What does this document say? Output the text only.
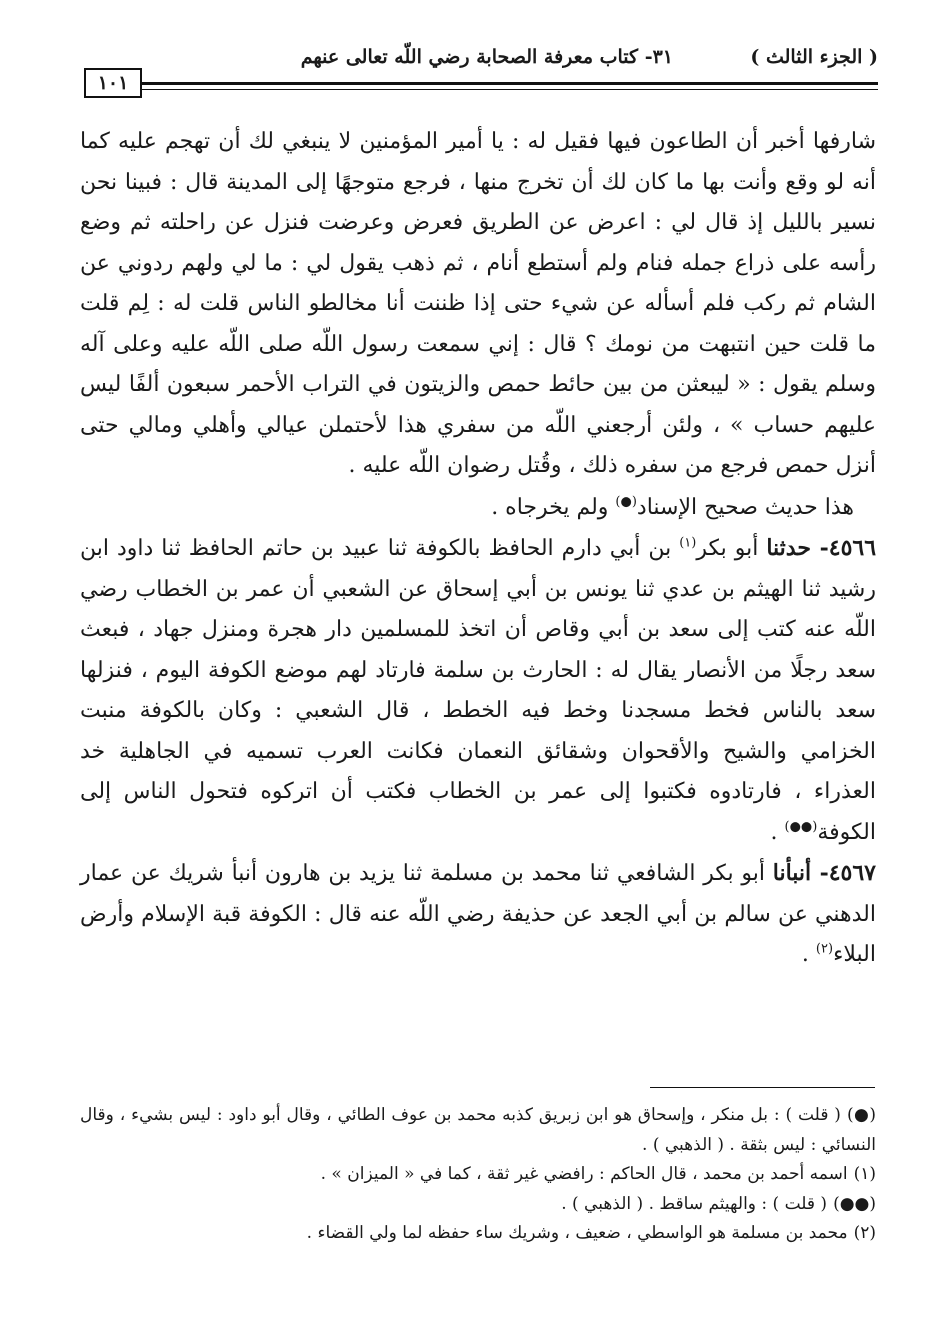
( الجزء الثالث )
٣١- كتاب معرفة الصحابة رضي اللّه تعالى عنهم
١٠١

شارفها أخبر أن الطاعون فيها فقيل له : يا أمير المؤمنين لا ينبغي لك أن تهجم عليه كما أنه لو وقع وأنت بها ما كان لك أن تخرج منها ، فرجع متوجهًا إلى المدينة قال : فبينا نحن نسير بالليل إذ قال لي : اعرض عن الطريق فعرض وعرضت فنزل عن راحلته ثم وضع رأسه على ذراع جمله فنام ولم أستطع أنام ، ثم ذهب يقول لي : ما لي ولهم ردوني عن الشام ثم ركب فلم أسأله عن شيء حتى إذا ظننت أنا مخالطو الناس قلت له : لِم قلت ما قلت حين انتبهت من نومك ؟ قال : إني سمعت رسول اللّه صلى اللّه عليه وعلى آله وسلم يقول : « ليبعثن من بين حائط حمص والزيتون في التراب الأحمر سبعون ألفًا ليس عليهم حساب » ، ولئن أرجعني اللّه من سفري هذا لأحتملن عيالي وأهلي ومالي حتى أنزل حمص فرجع من سفره ذلك ، وقُتل رضوان اللّه عليه .

هذا حديث صحيح الإسناد(●) ولم يخرجاه .

٤٥٦٦- حدثنا أبو بكر$^{(١)}$ بن أبي دارم الحافظ بالكوفة ثنا عبيد بن حاتم الحافظ ثنا داود ابن رشيد ثنا الهيثم بن عدي ثنا يونس بن أبي إسحاق عن الشعبي أن عمر بن الخطاب رضي اللّه عنه كتب إلى سعد بن أبي وقاص أن اتخذ للمسلمين دار هجرة ومنزل جهاد ، فبعث سعد رجلًا من الأنصار يقال له : الحارث بن سلمة فارتاد لهم موضع الكوفة اليوم ، فنزلها سعد بالناس فخط مسجدنا وخط فيه الخطط ، قال الشعبي : وكان بالكوفة منبت الخزامي والشيح والأقحوان وشقائق النعمان فكانت العرب تسميه في الجاهلية خد العذراء ، فارتادوه فكتبوا إلى عمر بن الخطاب فكتب أن اتركوه فتحول الناس إلى الكوفة(●●) .

٤٥٦٧- أنبأنا أبو بكر الشافعي ثنا محمد بن مسلمة ثنا يزيد بن هارون أنبأ شريك عن عمار الدهني عن سالم بن أبي الجعد عن حذيفة رضي اللّه عنه قال : الكوفة قبة الإسلام وأرض البلاء$^{(٢)}$ .

(●)( قلت ) : بل منكر ، وإسحاق هو ابن زبريق كذبه محمد بن عوف الطائي ، وقال أبو داود : ليس بشيء ، وقال النسائي : ليس بثقة . ( الذهبي ) .

(١)اسمه أحمد بن محمد ، قال الحاكم : رافضي غير ثقة ، كما في « الميزان » .

(●●)( قلت ) : والهيثم ساقط . ( الذهبي ) .

(٢)محمد بن مسلمة هو الواسطي ، ضعيف ، وشريك ساء حفظه لما ولي القضاء .
